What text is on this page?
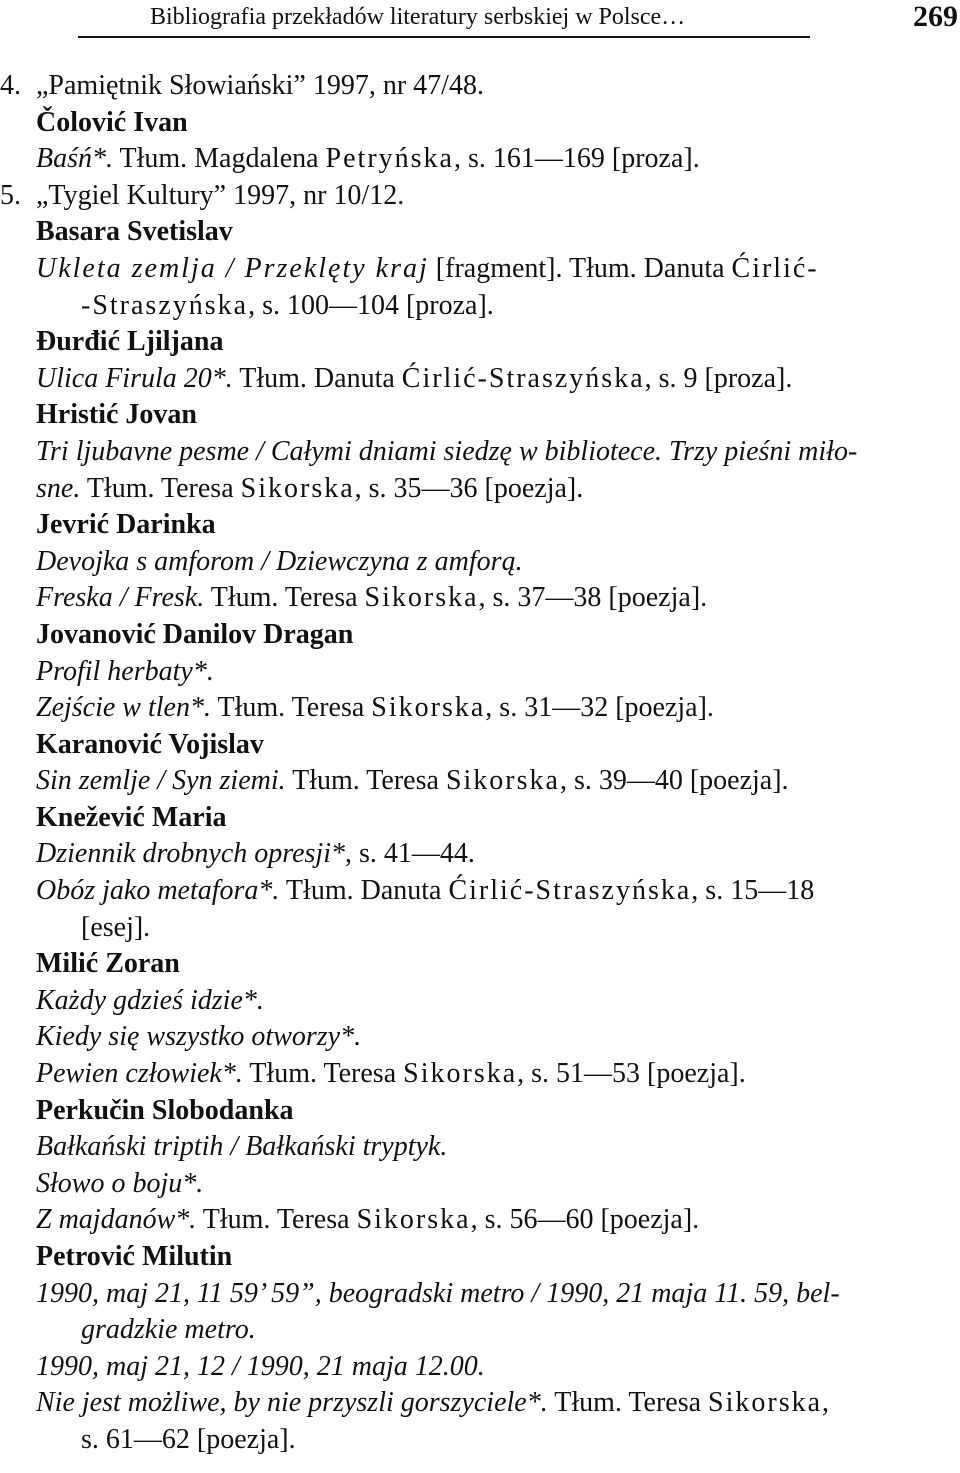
Bibliografia przekładów literatury serbskiej w Polsce…	269
4. „Pamiętnik Słowiański” 1997, nr 47/48.
Čolović Ivan
Baśń*. Tłum. Magdalena Petryńska, s. 161—169 [proza].
5. „Tygiel Kultury” 1997, nr 10/12.
Basara Svetislav
Ukleta zemlja / Przeklęty kraj [fragment]. Tłum. Danuta Ćirlić-
-Straszyńska, s. 100—104 [proza].
Đurđić Ljiljana
Ulica Firula 20*. Tłum. Danuta Ćirlić-Straszyńska, s. 9 [proza].
Hristić Jovan
Tri ljubavne pesme / Całymi dniami siedzę w bibliotece. Trzy pieśni miło-
sne. Tłum. Teresa Sikorska, s. 35—36 [poezja].
Jevrić Darinka
Devojka s amforom / Dziewczyna z amforą.
Freska / Fresk. Tłum. Teresa Sikorska, s. 37—38 [poezja].
Jovanović Danilov Dragan
Profil herbaty*.
Zejście w tlen*. Tłum. Teresa Sikorska, s. 31—32 [poezja].
Karanović Vojislav
Sin zemlje / Syn ziemi. Tłum. Teresa Sikorska, s. 39—40 [poezja].
Knežević Maria
Dziennik drobnych opresji*, s. 41—44.
Obóz jako metafora*. Tłum. Danuta Ćirlić-Straszyńska, s. 15—18
[esej].
Milić Zoran
Każdy gdzieś idzie*.
Kiedy się wszystko otworzy*.
Pewien człowiek*. Tłum. Teresa Sikorska, s. 51—53 [poezja].
Perkučin Slobodanka
Bałkański triptih / Bałkański tryptyk.
Słowo o boju*.
Z majdanów*. Tłum. Teresa Sikorska, s. 56—60 [poezja].
Petrović Milutin
1990, maj 21, 11 59’ 59”, beogradski metro / 1990, 21 maja 11. 59, bel-
gradzkie metro.
1990, maj 21, 12 / 1990, 21 maja 12.00.
Nie jest możliwe, by nie przyszli gorszyciele*. Tłum. Teresa Sikorska,
s. 61—62 [poezja].
